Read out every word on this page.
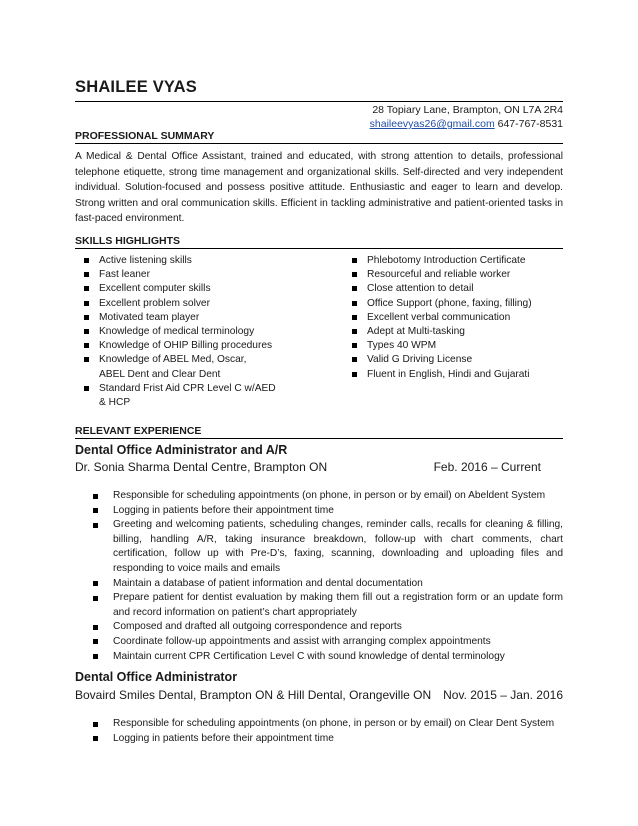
SHAILEE VYAS
28 Topiary Lane, Brampton, ON L7A 2R4
shaileevyas26@gmail.com 647-767-8531
PROFESSIONAL SUMMARY
A Medical & Dental Office Assistant, trained and educated, with strong attention to details, professional telephone etiquette, strong time management and organizational skills. Self-directed and very independent individual. Solution-focused and possess positive attitude. Enthusiastic and eager to learn and develop. Strong written and oral communication skills. Efficient in tackling administrative and patient-oriented tasks in fast-paced environment.
SKILLS HIGHLIGHTS
Active listening skills
Fast leaner
Excellent computer skills
Excellent problem solver
Motivated team player
Knowledge of medical terminology
Knowledge of OHIP Billing procedures
Knowledge of ABEL Med, Oscar, ABEL Dent and Clear Dent
Standard Frist Aid CPR Level C w/AED & HCP
Phlebotomy Introduction Certificate
Resourceful and reliable worker
Close attention to detail
Office Support (phone, faxing, filling)
Excellent verbal communication
Adept at Multi-tasking
Types 40 WPM
Valid G Driving License
Fluent in English, Hindi and Gujarati
RELEVANT EXPERIENCE
Dental Office Administrator and A/R
Dr. Sonia Sharma Dental Centre, Brampton ON	Feb. 2016 – Current
Responsible for scheduling appointments (on phone, in person or by email) on Abeldent System
Logging in patients before their appointment time
Greeting and welcoming patients, scheduling changes, reminder calls, recalls for cleaning & filling, billing, handling A/R, taking insurance breakdown, follow-up with chart comments, chart certification, follow up with Pre-D’s, faxing, scanning, downloading and uploading files and responding to voice mails and emails
Maintain a database of patient information and dental documentation
Prepare patient for dentist evaluation by making them fill out a registration form or an update form and record information on patient’s chart appropriately
Composed and drafted all outgoing correspondence and reports
Coordinate follow-up appointments and assist with arranging complex appointments
Maintain current CPR Certification Level C with sound knowledge of dental terminology
Dental Office Administrator
Bovaird Smiles Dental, Brampton ON & Hill Dental, Orangeville ON Nov. 2015 – Jan. 2016
Responsible for scheduling appointments (on phone, in person or by email) on Clear Dent System
Logging in patients before their appointment time
